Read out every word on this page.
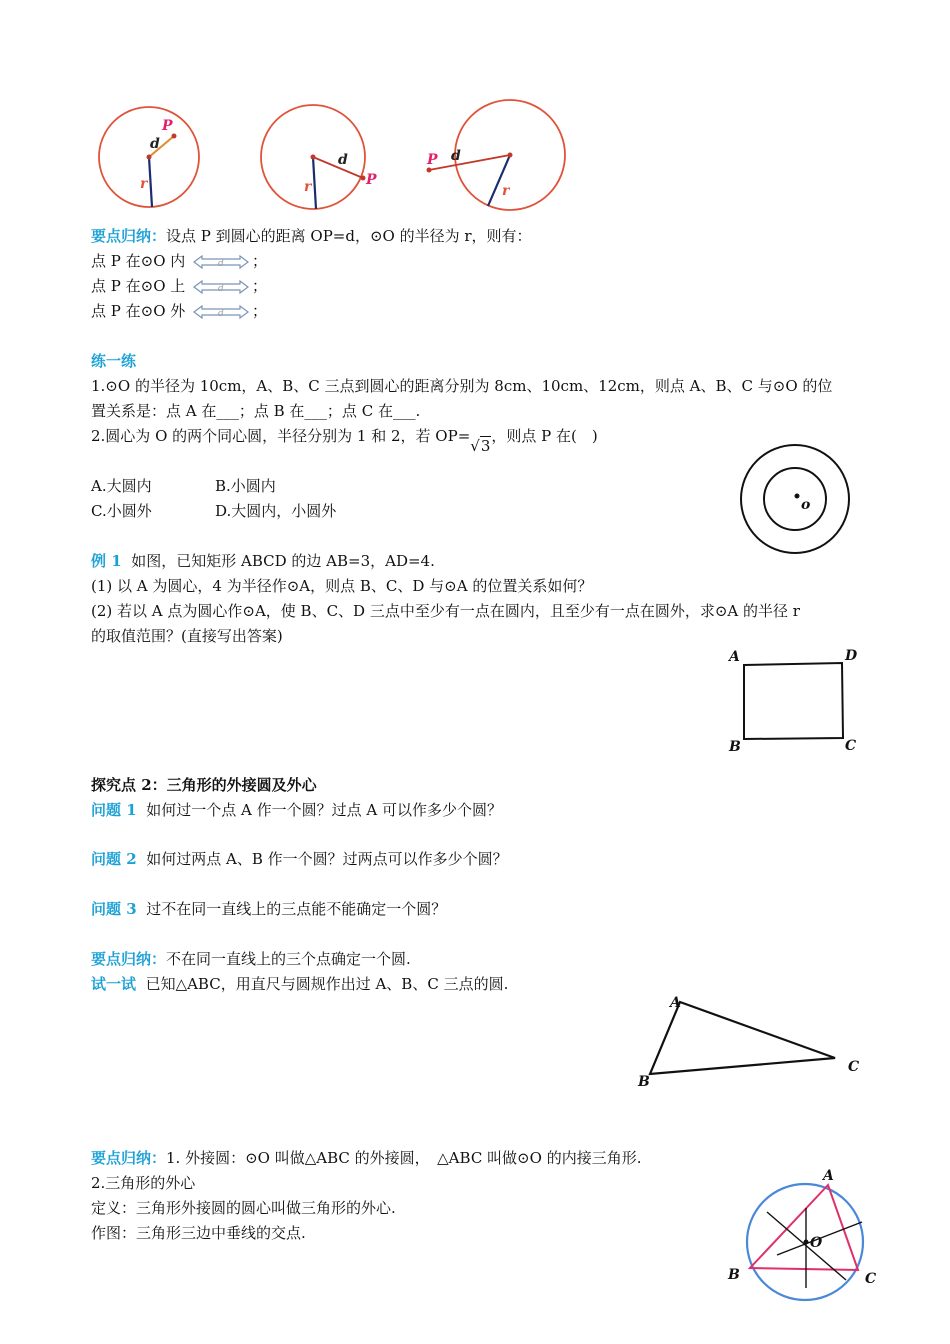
P
d
r	P
d
r
P d
r
要点归纳：设点 P 到圆心的距离 OP=d，⊙O 的半径为 r，则有：
点 P 在⊙O 内	d ；
点 P 在⊙O 上	d ；
点 P 在⊙O 外	d ；
练一练
1.⊙O 的半径为 10cm，A、B、C 三点到圆心的距离分别为 8cm、10cm、12cm，则点 A、B、C 与⊙O 的位
置关系是：点 A 在___；点 B 在___；点 C 在___.
2.圆心为 O 的两个同心圆，半径分别为 1 和 2，若 OP=√3，则点 P 在(　)
A.大圆内	B.小圆内
C.小圆外	D.大圆内，小圆外	o
例 1 如图，已知矩形 ABCD 的边 AB=3，AD=4.
(1) 以 A 为圆心，4 为半径作⊙A，则点 B、C、D 与⊙A 的位置关系如何？
(2) 若以 A 点为圆心作⊙A，使 B、C、D 三点中至少有一点在圆内，且至少有一点在圆外，求⊙A 的半径 r
的取值范围？(直接写出答案)
A	D
B	C
探究点 2：三角形的外接圆及外心
问题 1 如何过一个点 A 作一个圆？过点 A 可以作多少个圆？
问题 2 如何过两点 A、B 作一个圆？过两点可以作多少个圆？
问题 3 过不在同一直线上的三点能不能确定一个圆？
要点归纳：不在同一直线上的三个点确定一个圆.
试一试 已知△ABC，用直尺与圆规作出过 A、B、C 三点的圆.
A
C
B
要点归纳：1. 外接圆：⊙O 叫做△ABC 的外接圆，　△ABC 叫做⊙O 的内接三角形.
2.三角形的外心
定义：三角形外接圆的圆心叫做三角形的外心.
作图：三角形三边中垂线的交点.
O
A
B	C
